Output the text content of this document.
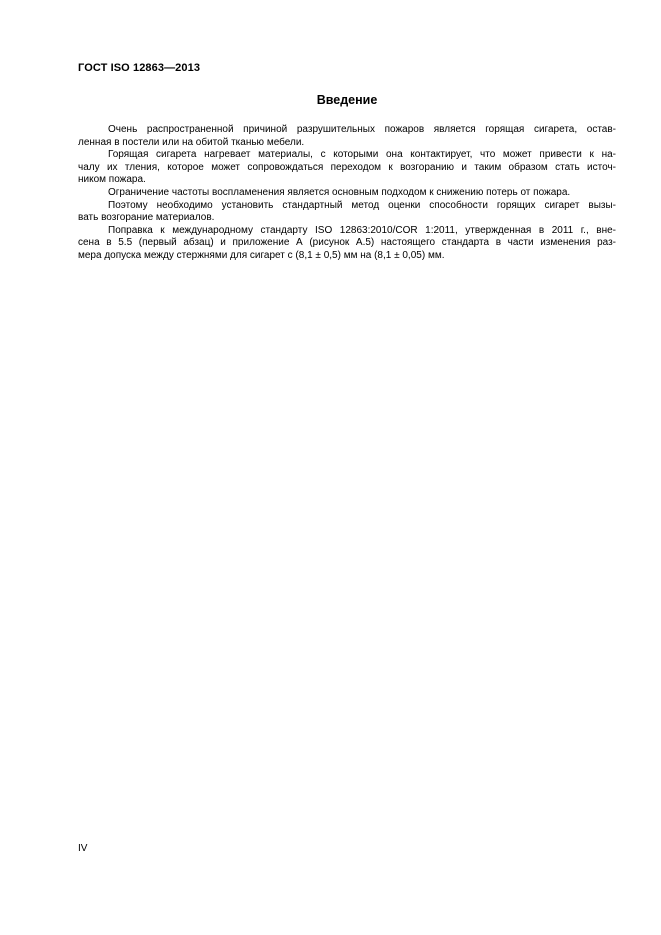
ГОСТ ISO 12863—2013
Введение
Очень распространенной причиной разрушительных пожаров является горящая сигарета, остав-
ленная в постели или на обитой тканью мебели.
Горящая сигарета нагревает материалы, с которыми она контактирует, что может привести к на-
чалу их тления, которое может сопровождаться переходом к возгоранию и таким образом стать источ-
ником пожара.
Ограничение частоты воспламенения является основным подходом к снижению потерь от пожара.
Поэтому необходимо установить стандартный метод оценки способности горящих сигарет вызы-
вать возгорание материалов.
Поправка к международному стандарту ISO 12863:2010/COR 1:2011, утвержденная в 2011 г., вне-
сена в 5.5 (первый абзац) и приложение А (рисунок А.5) настоящего стандарта в части изменения раз-
мера допуска между стержнями для сигарет с (8,1 ± 0,5) мм на (8,1 ± 0,05) мм.
IV
